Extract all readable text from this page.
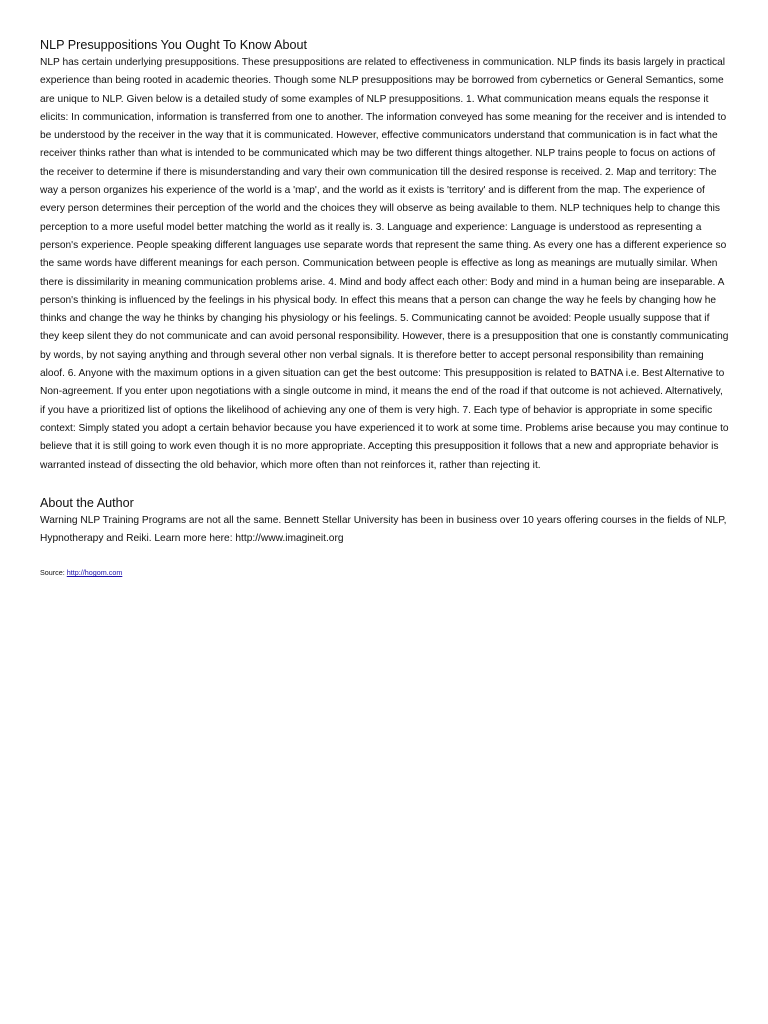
NLP Presuppositions You Ought To Know About

NLP has certain underlying presuppositions. These presuppositions are related to effectiveness in communication. NLP finds its basis largely in practical experience than being rooted in academic theories. Though some NLP presuppositions may be borrowed from cybernetics or General Semantics, some are unique to NLP. Given below is a detailed study of some examples of NLP presuppositions. 1. What communication means equals the response it elicits: In communication, information is transferred from one to another. The information conveyed has some meaning for the receiver and is intended to be understood by the receiver in the way that it is communicated. However, effective communicators understand that communication is in fact what the receiver thinks rather than what is intended to be communicated which may be two different things altogether. NLP trains people to focus on actions of the receiver to determine if there is misunderstanding and vary their own communication till the desired response is received. 2. Map and territory: The way a person organizes his experience of the world is a 'map', and the world as it exists is 'territory' and is different from the map. The experience of every person determines their perception of the world and the choices they will observe as being available to them. NLP techniques help to change this perception to a more useful model better matching the world as it really is. 3. Language and experience: Language is understood as representing a person's experience. People speaking different languages use separate words that represent the same thing. As every one has a different experience so the same words have different meanings for each person. Communication between people is effective as long as meanings are mutually similar. When there is dissimilarity in meaning communication problems arise. 4. Mind and body affect each other: Body and mind in a human being are inseparable. A person's thinking is influenced by the feelings in his physical body. In effect this means that a person can change the way he feels by changing how he thinks and change the way he thinks by changing his physiology or his feelings. 5. Communicating cannot be avoided: People usually suppose that if they keep silent they do not communicate and can avoid personal responsibility. However, there is a presupposition that one is constantly communicating by words, by not saying anything and through several other non verbal signals. It is therefore better to accept personal responsibility than remaining aloof. 6. Anyone with the maximum options in a given situation can get the best outcome: This presupposition is related to BATNA i.e. Best Alternative to Non-agreement. If you enter upon negotiations with a single outcome in mind, it means the end of the road if that outcome is not achieved. Alternatively, if you have a prioritized list of options the likelihood of achieving any one of them is very high. 7. Each type of behavior is appropriate in some specific context: Simply stated you adopt a certain behavior because you have experienced it to work at some time. Problems arise because you may continue to believe that it is still going to work even though it is no more appropriate. Accepting this presupposition it follows that a new and appropriate behavior is warranted instead of dissecting the old behavior, which more often than not reinforces it, rather than rejecting it.

About the Author

Warning NLP Training Programs are not all the same. Bennett Stellar University has been in business over 10 years offering courses in the fields of NLP, Hypnotherapy and Reiki. Learn more here: http://www.imagineit.org

Source: http://hogom.com
